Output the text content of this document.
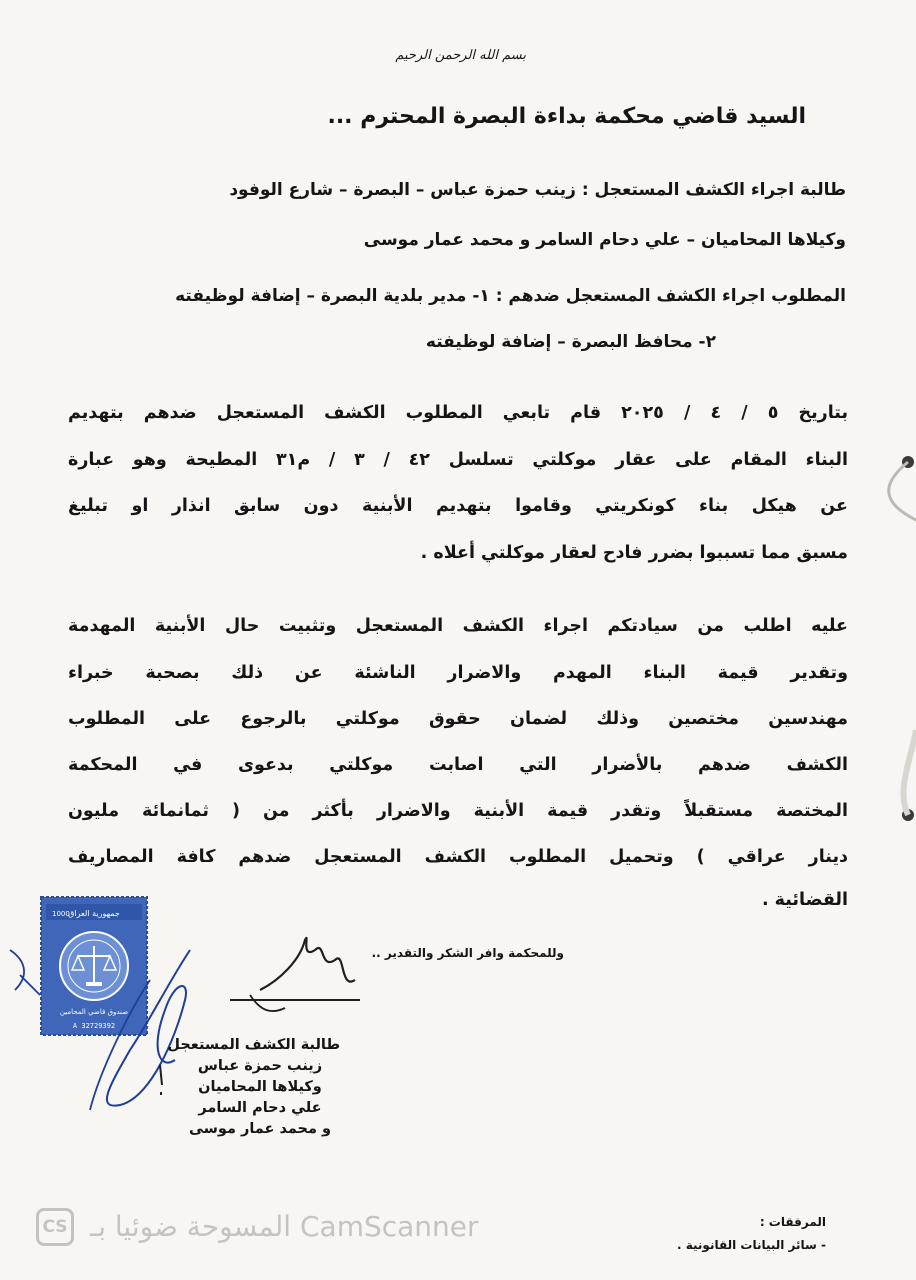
بسم الله الرحمن الرحيم
السيد قاضي محكمة بداءة البصرة المحترم ...
طالبة اجراء الكشف المستعجل : زينب حمزة عباس – البصرة – شارع الوفود
وكيلاها المحاميان – علي دحام السامر و محمد عمار موسى
المطلوب اجراء الكشف المستعجل ضدهم : ١- مدير بلدية البصرة – إضافة لوظيفته
٢- محافظ البصرة – إضافة لوظيفته
بتاريخ ٥ / ٤ / ٢٠٢٥ قام تابعي المطلوب الكشف المستعجل ضدهم بتهديم
البناء المقام على عقار موكلتي تسلسل ٤٢ / ٣ / م٣١ المطيحة وهو عبارة
عن هيكل بناء كونكريتي وقاموا بتهديم الأبنية دون سابق انذار او تبليغ
مسبق مما تسببوا بضرر فادح لعقار موكلتي أعلاه .
عليه اطلب من سيادتكم اجراء الكشف المستعجل وتثبيت حال الأبنية المهدمة
وتقدير قيمة البناء المهدم والاضرار الناشئة عن ذلك بصحبة خبراء
مهندسين مختصين وذلك لضمان حقوق موكلتي بالرجوع على المطلوب
الكشف ضدهم بالأضرار التي اصابت موكلتي بدعوى في المحكمة
المختصة مستقبلاً وتقدر قيمة الأبنية والاضرار بأكثر من ( ثمانمائة مليون
دينار عراقي ) وتحميل المطلوب الكشف المستعجل ضدهم كافة المصاريف
القضائية .
وللمحكمة وافر الشكر والتقدير ..
جمهورية العراق
1000
صندوق قاضي المحامين
A 32729392
طالبة الكشف المستعجل
زينب حمزة عباس
وكيلاها المحاميان
علي دحام السامر
و محمد عمار موسى
المرفقات :
- سائر البيانات القانونية .
CS المسوحة ضوئيا بـ CamScanner
